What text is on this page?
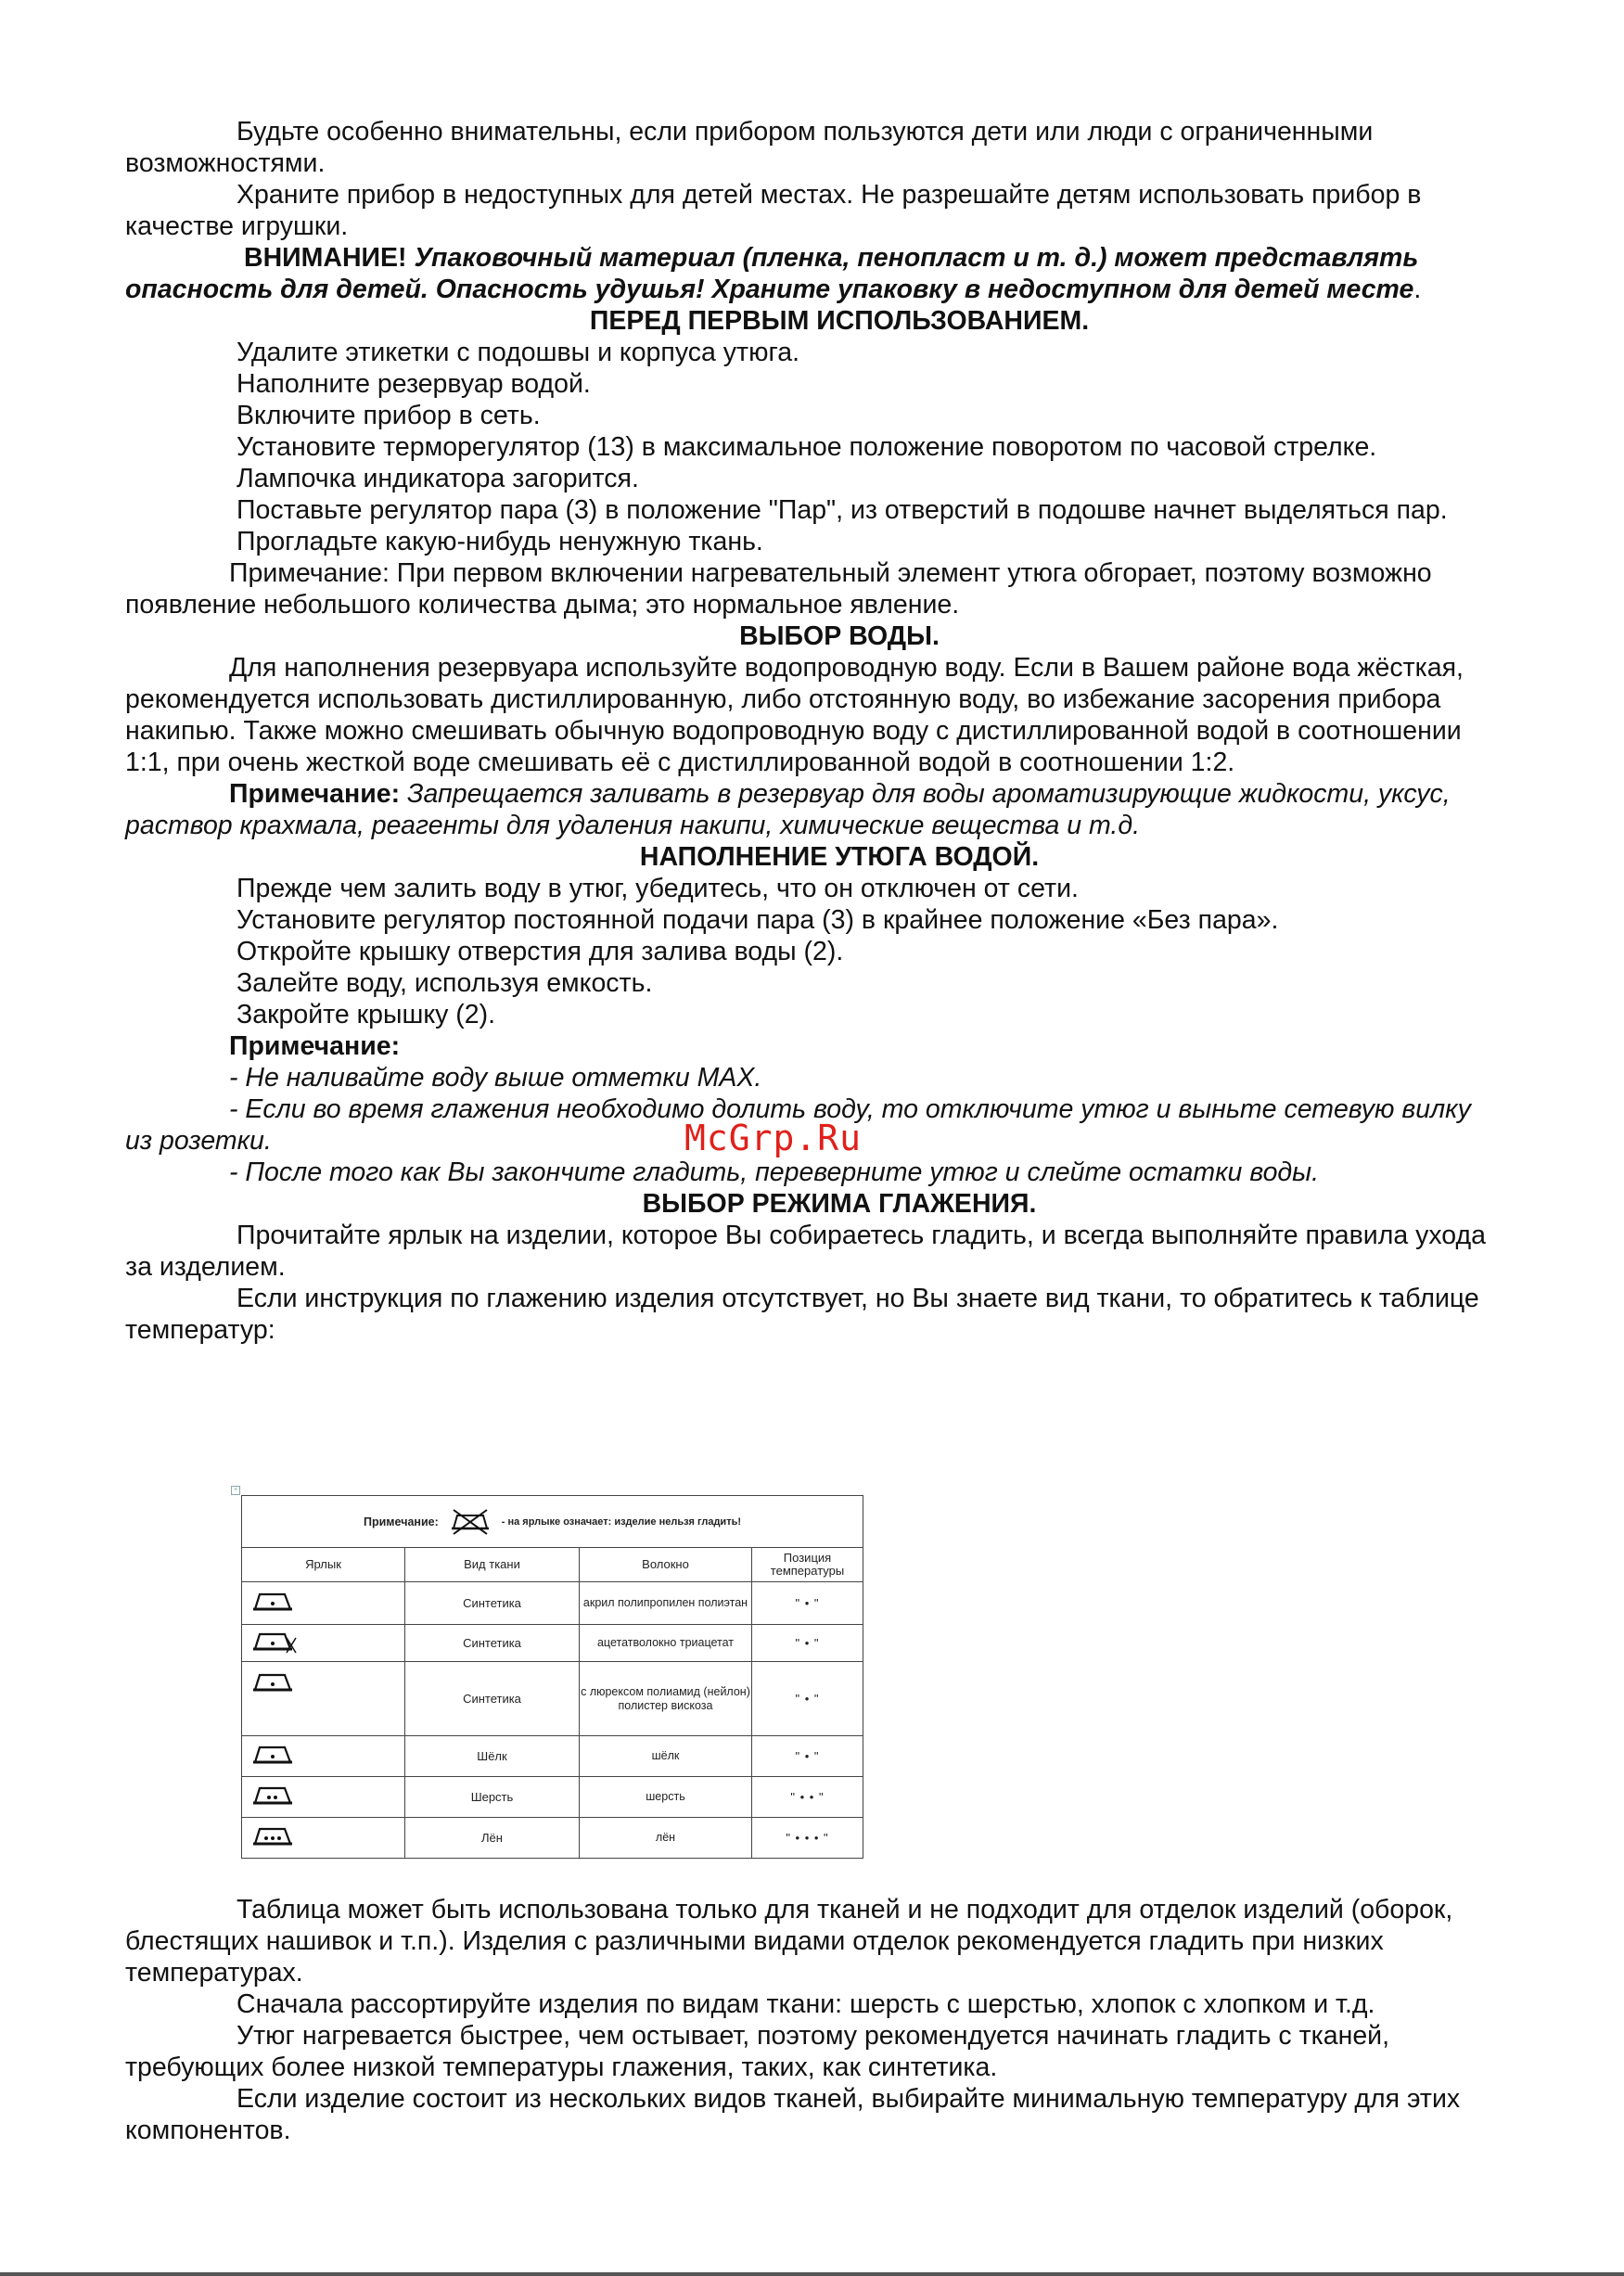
Будьте особенно внимательны, если прибором пользуются дети или люди с ограниченными возможностями.

Храните прибор в недоступных для детей местах. Не разрешайте детям использовать прибор в качестве игрушки.

ВНИМАНИЕ! Упаковочный материал (пленка, пенопласт и т. д.) может представлять опасность для детей. Опасность удушья! Храните упаковку в недоступном для детей месте.

ПЕРЕД ПЕРВЫМ ИСПОЛЬЗОВАНИЕМ.

Удалите этикетки с подошвы и корпуса утюга.

Наполните резервуар водой.

Включите прибор в сеть.

Установите терморегулятор (13) в максимальное положение поворотом по часовой стрелке.

Лампочка индикатора загорится.

Поставьте регулятор пара (3) в положение "Пар", из отверстий в подошве начнет выделяться пар.

Прогладьте какую-нибудь ненужную ткань.

Примечание: При первом включении нагревательный элемент утюга обгорает, поэтому возможно появление небольшого количества дыма; это нормальное явление.

ВЫБОР ВОДЫ.

Для наполнения резервуара используйте водопроводную воду. Если в Вашем районе вода жёсткая, рекомендуется использовать дистиллированную, либо отстоянную воду, во избежание засорения прибора накипью. Также можно смешивать обычную водопроводную воду с дистиллированной водой в соотношении 1:1, при очень жесткой воде смешивать её с дистиллированной водой в соотношении 1:2.

Примечание: Запрещается заливать в резервуар для воды ароматизирующие жидкости, уксус, раствор крахмала, реагенты для удаления накипи, химические вещества и т.д.

НАПОЛНЕНИЕ УТЮГА ВОДОЙ.

Прежде чем залить воду в утюг, убедитесь, что он отключен от сети.

Установите регулятор постоянной подачи пара (3) в крайнее положение «Без пара».

Откройте крышку отверстия для залива воды (2).

Залейте воду, используя емкость.

Закройте крышку (2).

Примечание:

- Не наливайте воду выше отметки MAX.

- Если во время глажения необходимо долить воду, то отключите утюг и выньте сетевую вилку из розетки.

- После того как Вы закончите гладить, переверните утюг и слейте остатки воды.

ВЫБОР РЕЖИМА ГЛАЖЕНИЯ.

Прочитайте ярлык на изделии, которое Вы собираетесь гладить, и всегда выполняйте правила ухода за изделием.

Если инструкция по глажению изделия отсутствует, но Вы знаете вид ткани, то обратитесь к таблице температур:

McGrp.Ru
+
Примечание: - на ярлыке означает: изделие нельзя гладить!			

Ярлык	Вид ткани	Волокно	Позиция температуры
	Синтетика	акрил полипропилен полиэтан	" • "
	Синтетика	ацетатволокно триацетат	" • "
	Синтетика	с люрексом полиамид (нейлон) полистер вискоза	" • "
	Шёлк	шёлк	" • "
	Шерсть	шерсть	" • • "
	Лён	лён	" • • • "

Таблица может быть использована только для тканей и не подходит для отделок изделий (оборок, блестящих нашивок и т.п.). Изделия с различными видами отделок рекомендуется гладить при низких температурах.

Сначала рассортируйте изделия по видам ткани: шерсть с шерстью, хлопок с хлопком и т.д.

Утюг нагревается быстрее, чем остывает, поэтому рекомендуется начинать гладить с тканей, требующих более низкой температуры глажения, таких, как синтетика.

Если изделие состоит из нескольких видов тканей, выбирайте минимальную температуру для этих компонентов.
